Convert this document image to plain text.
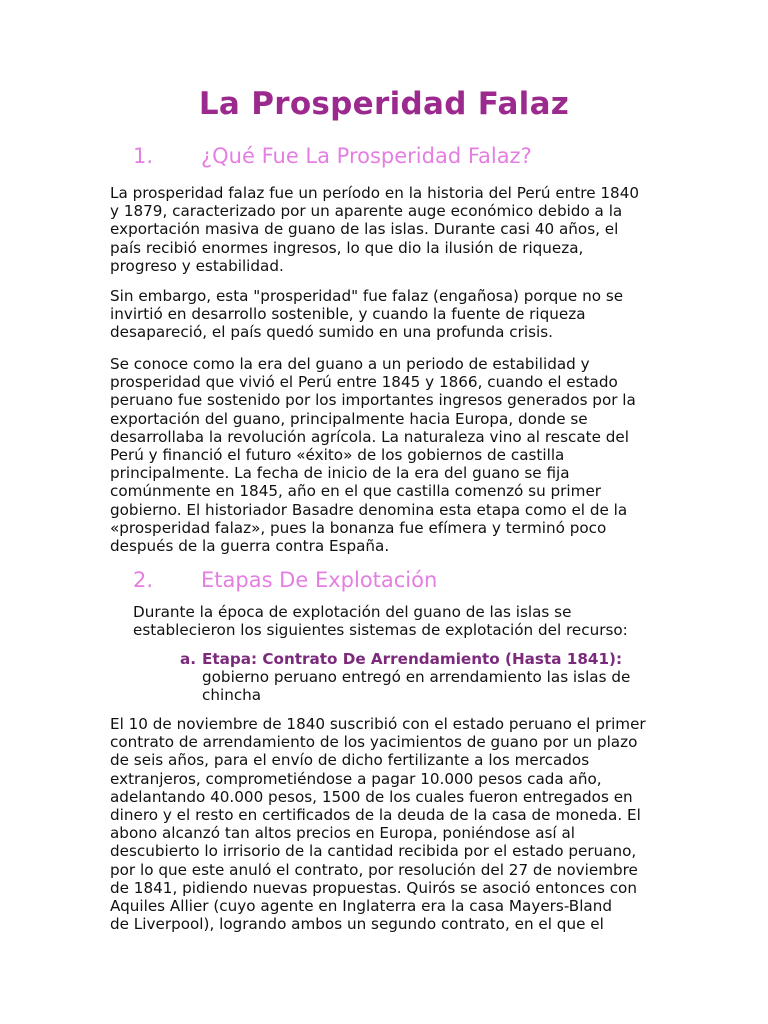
La Prosperidad Falaz
1. ¿Qué Fue La Prosperidad Falaz?

La prosperidad falaz fue un período en la historia del Perú entre 1840
y 1879, caracterizado por un aparente auge económico debido a la
exportación masiva de guano de las islas. Durante casi 40 años, el
país recibió enormes ingresos, lo que dio la ilusión de riqueza,
progreso y estabilidad.

Sin embargo, esta "prosperidad" fue falaz (engañosa) porque no se
invirtió en desarrollo sostenible, y cuando la fuente de riqueza
desapareció, el país quedó sumido en una profunda crisis.

Se conoce como la era del guano a un periodo de estabilidad y
prosperidad que vivió el Perú entre 1845 y 1866, cuando el estado
peruano fue sostenido por los importantes ingresos generados por la
exportación del guano, principalmente hacia Europa, donde se
desarrollaba la revolución agrícola. La naturaleza vino al rescate del
Perú y financió el futuro «éxito» de los gobiernos de castilla
principalmente. La fecha de inicio de la era del guano se fija
comúnmente en 1845, año en el que castilla comenzó su primer
gobierno. El historiador Basadre denomina esta etapa como el de la
«prosperidad falaz», pues la bonanza fue efímera y terminó poco
después de la guerra contra España.

2. Etapas De Explotación

Durante la época de explotación del guano de las islas se
establecieron los siguientes sistemas de explotación del recurso:

a. Etapa: Contrato De Arrendamiento (Hasta 1841):
gobierno peruano entregó en arrendamiento las islas de
chincha

El 10 de noviembre de 1840 suscribió con el estado peruano el primer
contrato de arrendamiento de los yacimientos de guano por un plazo
de seis años, para el envío de dicho fertilizante a los mercados
extranjeros, comprometiéndose a pagar 10.000 pesos cada año,
adelantando 40.000 pesos, 1500 de los cuales fueron entregados en
dinero y el resto en certificados de la deuda de la casa de moneda. El
abono alcanzó tan altos precios en Europa, poniéndose así al
descubierto lo irrisorio de la cantidad recibida por el estado peruano,
por lo que este anuló el contrato, por resolución del 27 de noviembre
de 1841, pidiendo nuevas propuestas. Quirós se asoció entonces con
Aquiles Allier (cuyo agente en Inglaterra era la casa Mayers-Bland
de Liverpool), logrando ambos un segundo contrato, en el que el
